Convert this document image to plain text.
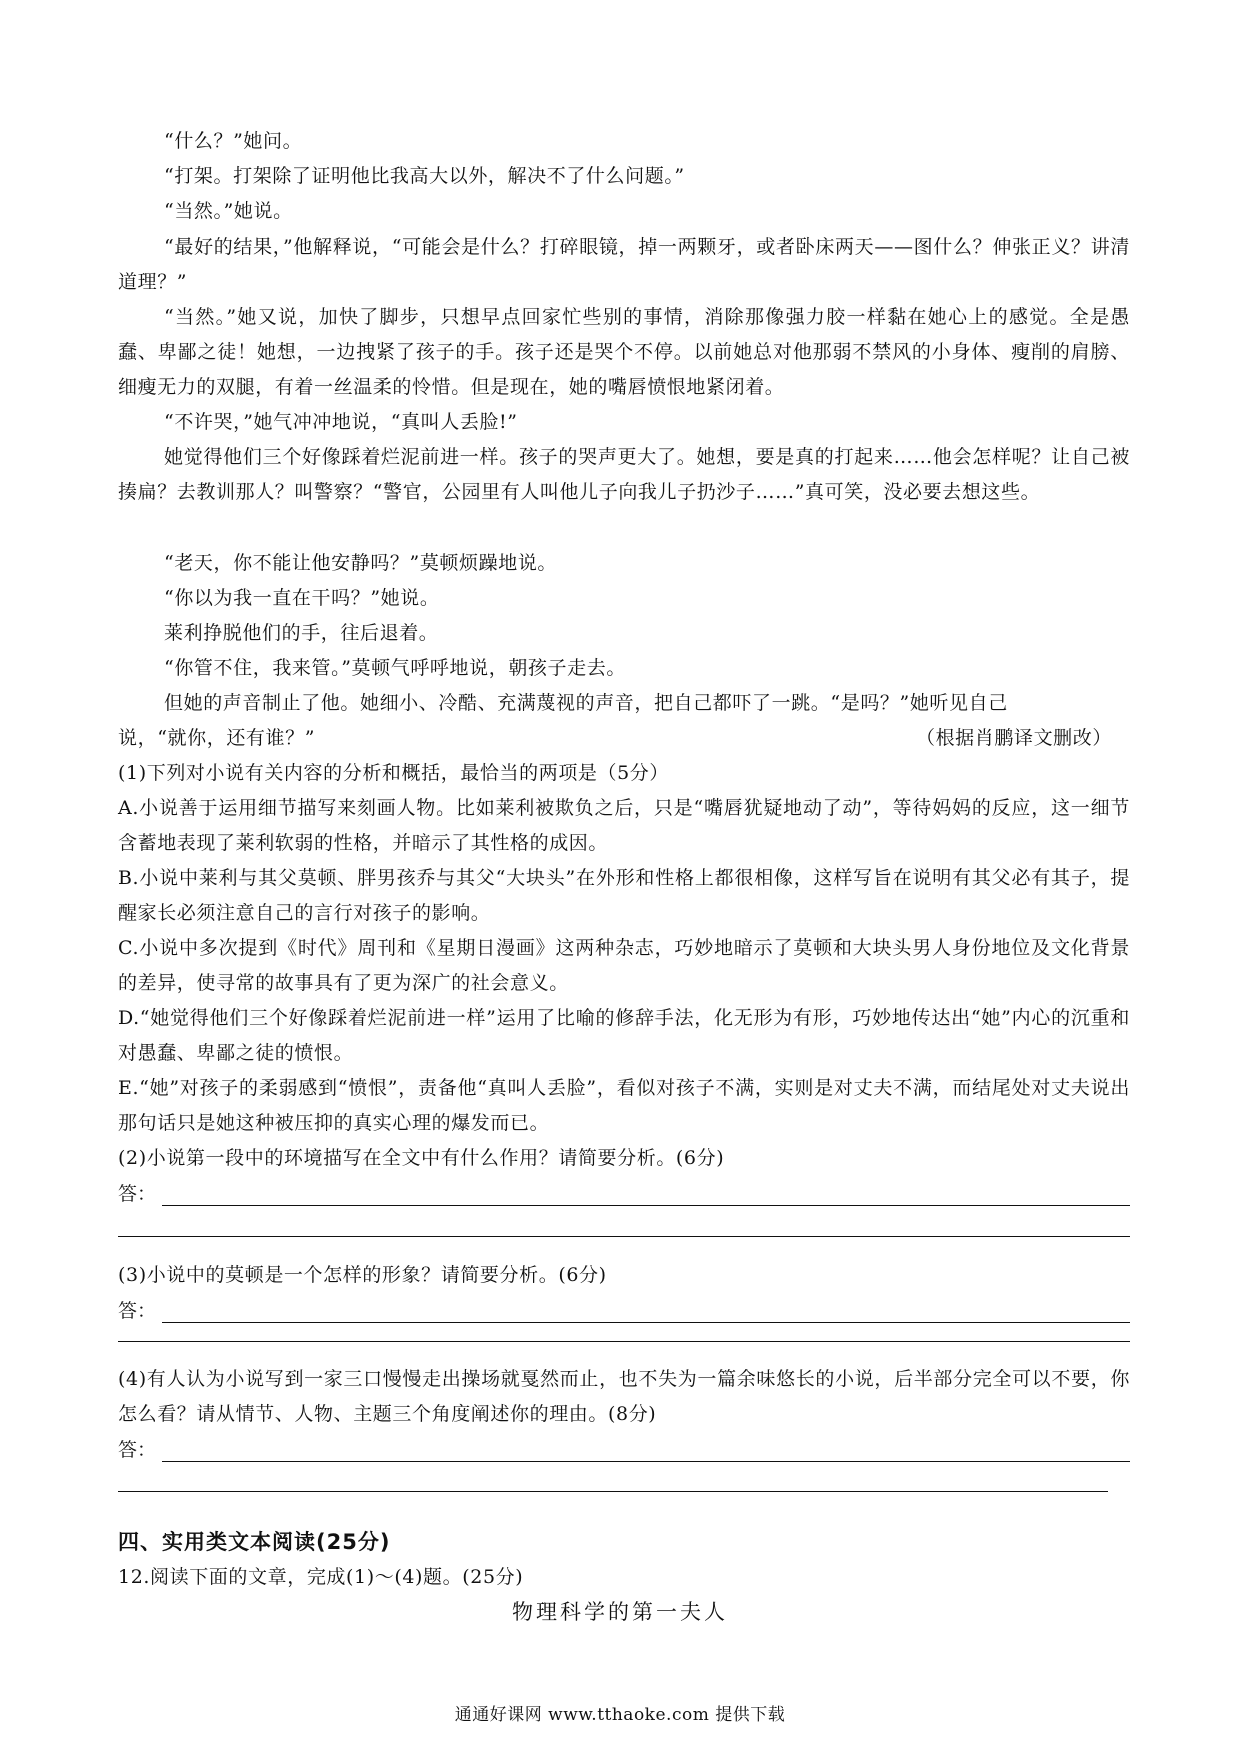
“什么？”她问。

“打架。打架除了证明他比我高大以外，解决不了什么问题。”

“当然。”她说。

“最好的结果，”他解释说，“可能会是什么？打碎眼镜，掉一两颗牙，或者卧床两天——图什么？伸张正义？讲清道理？”

“当然。”她又说，加快了脚步，只想早点回家忙些别的事情，消除那像强力胶一样黏在她心上的感觉。全是愚蠢、卑鄙之徒！她想，一边拽紧了孩子的手。孩子还是哭个不停。以前她总对他那弱不禁风的小身体、瘦削的肩膀、细瘦无力的双腿，有着一丝温柔的怜惜。但是现在，她的嘴唇愤恨地紧闭着。

“不许哭，”她气冲冲地说，“真叫人丢脸!”

她觉得他们三个好像踩着烂泥前进一样。孩子的哭声更大了。她想，要是真的打起来……他会怎样呢？让自己被揍扁？去教训那人？叫警察？“警官，公园里有人叫他儿子向我儿子扔沙子……”真可笑，没必要去想这些。

“老天，你不能让他安静吗？”莫顿烦躁地说。

“你以为我一直在干吗？”她说。

莱利挣脱他们的手，往后退着。

“你管不住，我来管。”莫顿气呼呼地说，朝孩子走去。

但她的声音制止了他。她细小、冷酷、充满蔑视的声音，把自己都吓了一跳。“是吗？”她听见自己

说，“就你，还有谁？”	（根据肖鹏译文删改）

(1)下列对小说有关内容的分析和概括，最恰当的两项是（5分）

A.小说善于运用细节描写来刻画人物。比如莱利被欺负之后，只是“嘴唇犹疑地动了动”，等待妈妈的反应，这一细节含蓄地表现了莱利软弱的性格，并暗示了其性格的成因。

B.小说中莱利与其父莫顿、胖男孩乔与其父“大块头”在外形和性格上都很相像，这样写旨在说明有其父必有其子，提醒家长必须注意自己的言行对孩子的影响。

C.小说中多次提到《时代》周刊和《星期日漫画》这两种杂志，巧妙地暗示了莫顿和大块头男人身份地位及文化背景的差异，使寻常的故事具有了更为深广的社会意义。

D.“她觉得他们三个好像踩着烂泥前进一样”运用了比喻的修辞手法，化无形为有形，巧妙地传达出“她”内心的沉重和对愚蠢、卑鄙之徒的愤恨。

E.“她”对孩子的柔弱感到“愤恨”，责备他“真叫人丢脸”，看似对孩子不满，实则是对丈夫不满，而结尾处对丈夫说出那句话只是她这种被压抑的真实心理的爆发而已。

(2)小说第一段中的环境描写在全文中有什么作用？请简要分析。(6分)

答：

(3)小说中的莫顿是一个怎样的形象？请简要分析。(6分)

答：

(4)有人认为小说写到一家三口慢慢走出操场就戛然而止，也不失为一篇余味悠长的小说，后半部分完全可以不要，你怎么看？请从情节、人物、主题三个角度阐述你的理由。(8分)

答：
四、实用类文本阅读(25分)

12.阅读下面的文章，完成(1)～(4)题。(25分)

物理科学的第一夫人
通通好课网 www.tthaoke.com 提供下载
